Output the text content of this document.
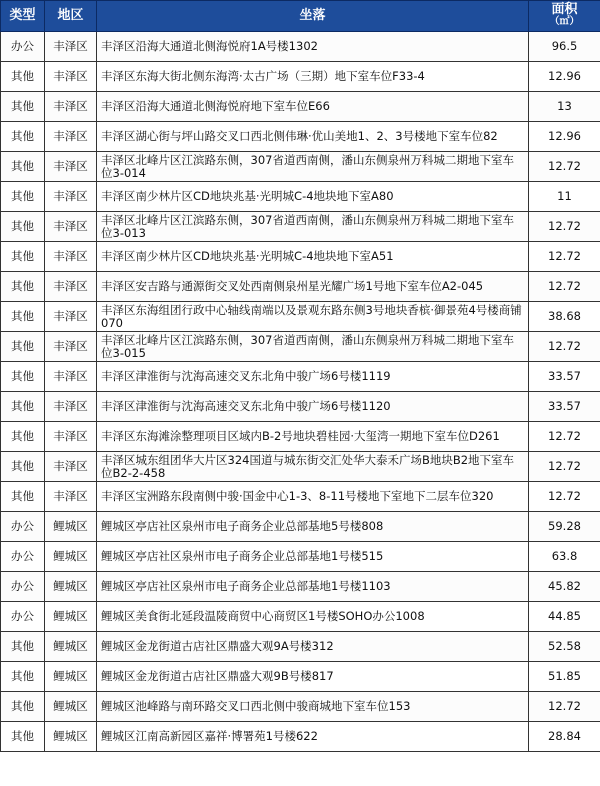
类型	地区	坐落	面积
（㎡）

办公	丰泽区	丰泽区沿海大通道北侧海悦府1A号楼1302	96.5
其他	丰泽区	丰泽区东海大街北侧东海湾·太古广场（三期）地下室车位F33-4	12.96
其他	丰泽区	丰泽区沿海大通道北侧海悦府地下室车位E66	13
其他	丰泽区	丰泽区湖心街与坪山路交叉口西北侧伟琳·优山美地1、2、3号楼地下室车位82	12.96
其他	丰泽区	丰泽区北峰片区江滨路东侧，307省道西南侧，潘山东侧泉州万科城二期地下室车位3-014	12.72
其他	丰泽区	丰泽区南少林片区CD地块兆基·光明城C-4地块地下室A80	11
其他	丰泽区	丰泽区北峰片区江滨路东侧，307省道西南侧，潘山东侧泉州万科城二期地下室车位3-013	12.72
其他	丰泽区	丰泽区南少林片区CD地块兆基·光明城C-4地块地下室A51	12.72
其他	丰泽区	丰泽区安吉路与通源街交叉处西南侧泉州星光耀广场1号地下室车位A2-045	12.72
其他	丰泽区	丰泽区东海组团行政中心轴线南端以及景观东路东侧3号地块香槟·御景苑4号楼商铺070	38.68
其他	丰泽区	丰泽区北峰片区江滨路东侧，307省道西南侧，潘山东侧泉州万科城二期地下室车位3-015	12.72
其他	丰泽区	丰泽区津淮街与沈海高速交叉东北角中骏广场6号楼1119	33.57
其他	丰泽区	丰泽区津淮街与沈海高速交叉东北角中骏广场6号楼1120	33.57
其他	丰泽区	丰泽区东海滩涂整理项目区域内B-2号地块碧桂园·大玺湾一期地下室车位D261	12.72
其他	丰泽区	丰泽区城东组团华大片区324国道与城东街交汇处华大泰禾广场B地块B2地下室车位B2-2-458	12.72
其他	丰泽区	丰泽区宝洲路东段南侧中骏·国金中心1-3、8-11号楼地下室地下二层车位320	12.72
办公	鲤城区	鲤城区亭店社区泉州市电子商务企业总部基地5号楼808	59.28
办公	鲤城区	鲤城区亭店社区泉州市电子商务企业总部基地1号楼515	63.8
办公	鲤城区	鲤城区亭店社区泉州市电子商务企业总部基地1号楼1103	45.82
办公	鲤城区	鲤城区美食街北延段温陵商贸中心商贸区1号楼SOHO办公1008	44.85
其他	鲤城区	鲤城区金龙街道古店社区鼎盛大观9A号楼312	52.58
其他	鲤城区	鲤城区金龙街道古店社区鼎盛大观9B号楼817	51.85
其他	鲤城区	鲤城区池峰路与南环路交叉口西北侧中骏商城地下室车位153	12.72
其他	鲤城区	鲤城区江南高新园区嘉祥·博署苑1号楼622	28.84
